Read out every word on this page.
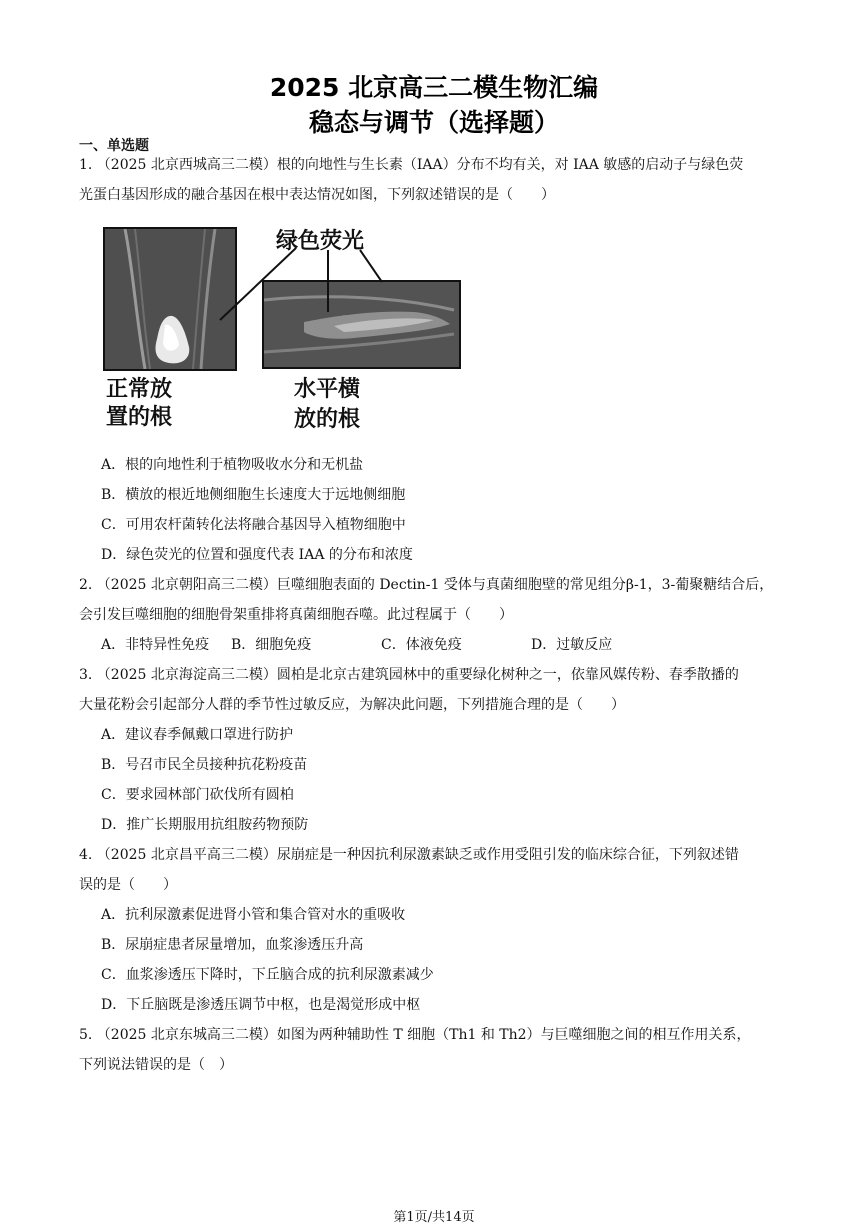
2025 北京高三二模生物汇编
稳态与调节（选择题）
一、单选题
1. （2025 北京西城高三二模）根的向地性与生长素（IAA）分布不均有关，对 IAA 敏感的启动子与绿色荧
光蛋白基因形成的融合基因在根中表达情况如图，下列叙述错误的是（　　）
绿色荧光
正常放
置的根
水平横
放的根
A．根的向地性利于植物吸收水分和无机盐
B．横放的根近地侧细胞生长速度大于远地侧细胞
C．可用农杆菌转化法将融合基因导入植物细胞中
D．绿色荧光的位置和强度代表 IAA 的分布和浓度
2. （2025 北京朝阳高三二模）巨噬细胞表面的 Dectin-1 受体与真菌细胞壁的常见组分β-1，3-葡聚糖结合后，
会引发巨噬细胞的细胞骨架重排将真菌细胞吞噬。此过程属于（　　）
A．非特异性免疫 B．细胞免疫	C．体液免疫	D．过敏反应
3. （2025 北京海淀高三二模）圆柏是北京古建筑园林中的重要绿化树种之一，依靠风媒传粉、春季散播的
大量花粉会引起部分人群的季节性过敏反应，为解决此问题，下列措施合理的是（　　）
A．建议春季佩戴口罩进行防护
B．号召市民全员接种抗花粉疫苗
C．要求园林部门砍伐所有圆柏
D．推广长期服用抗组胺药物预防
4. （2025 北京昌平高三二模）尿崩症是一种因抗利尿激素缺乏或作用受阻引发的临床综合征，下列叙述错
误的是（　　）
A．抗利尿激素促进肾小管和集合管对水的重吸收
B．尿崩症患者尿量增加，血浆渗透压升高
C．血浆渗透压下降时，下丘脑合成的抗利尿激素减少
D．下丘脑既是渗透压调节中枢，也是渴觉形成中枢
5. （2025 北京东城高三二模）如图为两种辅助性 T 细胞（Th1 和 Th2）与巨噬细胞之间的相互作用关系，
下列说法错误的是（　）
第1页/共14页
